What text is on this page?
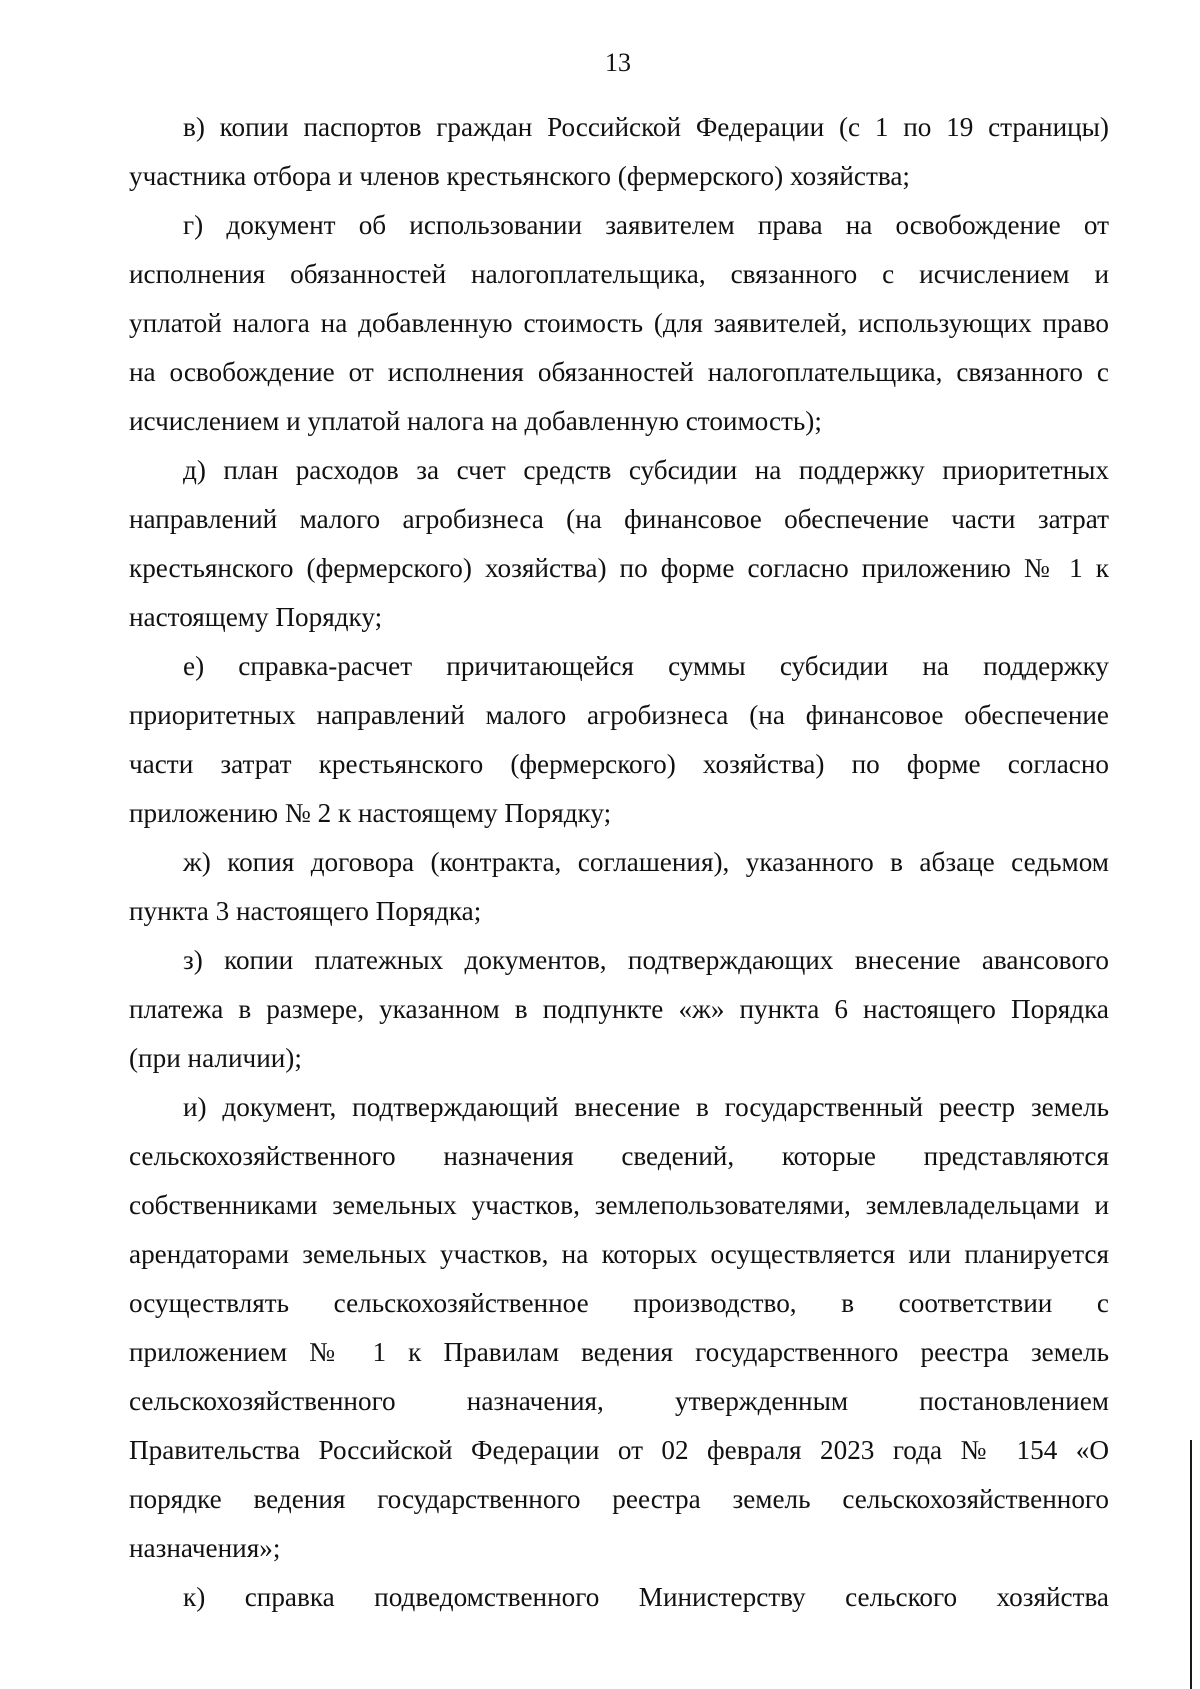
13
в) копии паспортов граждан Российской Федерации (с 1 по 19 страницы)
участника отбора и членов крестьянского (фермерского) хозяйства;
г) документ об использовании заявителем права на освобождение от
исполнения обязанностей налогоплательщика, связанного с исчислением и
уплатой налога на добавленную стоимость (для заявителей, использующих право
на освобождение от исполнения обязанностей налогоплательщика, связанного с
исчислением и уплатой налога на добавленную стоимость);
д) план расходов за счет средств субсидии на поддержку приоритетных
направлений малого агробизнеса (на финансовое обеспечение части затрат
крестьянского (фермерского) хозяйства) по форме согласно приложению № 1 к
настоящему Порядку;
е) справка-расчет причитающейся суммы субсидии на поддержку
приоритетных направлений малого агробизнеса (на финансовое обеспечение
части затрат крестьянского (фермерского) хозяйства) по форме согласно
приложению № 2 к настоящему Порядку;
ж) копия договора (контракта, соглашения), указанного в абзаце седьмом
пункта 3 настоящего Порядка;
з) копии платежных документов, подтверждающих внесение авансового
платежа в размере, указанном в подпункте «ж» пункта 6 настоящего Порядка
(при наличии);
и) документ, подтверждающий внесение в государственный реестр земель
сельскохозяйственного назначения сведений, которые представляются
собственниками земельных участков, землепользователями, землевладельцами и
арендаторами земельных участков, на которых осуществляется или планируется
осуществлять сельскохозяйственное производство, в соответствии с
приложением № 1 к Правилам ведения государственного реестра земель
сельскохозяйственного назначения, утвержденным постановлением
Правительства Российской Федерации от 02 февраля 2023 года № 154 «О
порядке ведения государственного реестра земель сельскохозяйственного
назначения»;
к) справка подведомственного Министерству сельского хозяйства
